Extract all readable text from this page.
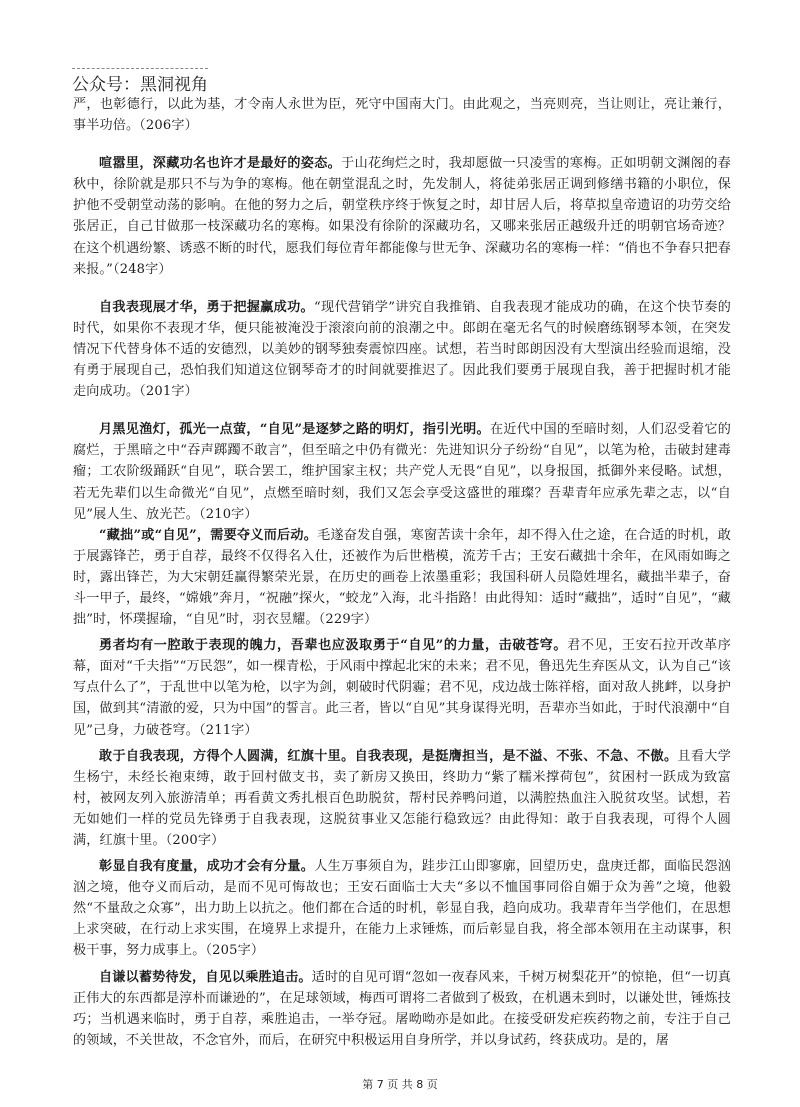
公众号：黑洞视角

严，也彰德行，以此为基，才令南人永世为臣，死守中国南大门。由此观之，当亮则亮，当让则让，亮让兼行，事半功倍。（206字）

喧嚣里，深藏功名也许才是最好的姿态。于山花绚烂之时，我却愿做一只凌雪的寒梅。正如明朝文渊阁的春秋中，徐阶就是那只不与为争的寒梅。他在朝堂混乱之时，先发制人，将徒弟张居正调到修缮书籍的小职位，保护他不受朝堂动荡的影响。在他的努力之后，朝堂秩序终于恢复之时，却甘居人后，将草拟皇帝遗诏的功劳交给张居正，自己甘做那一枝深藏功名的寒梅。如果没有徐阶的深藏功名，又哪来张居正越级升迁的明朝官场奇迹？在这个机遇纷繁、诱惑不断的时代，愿我们每位青年都能像与世无争、深藏功名的寒梅一样：“俏也不争春只把春来报。”（248字）

自我表现展才华，勇于把握赢成功。“现代营销学”讲究自我推销、自我表现才能成功的确，在这个快节奏的时代，如果你不表现才华，便只能被淹没于滚滚向前的浪潮之中。郎朗在毫无名气的时候磨练钢琴本领，在突发情况下代替身体不适的安德烈，以美妙的钢琴独奏震惊四座。试想，若当时郎朗因没有大型演出经验而退缩，没有勇于展现自己，恐怕我们知道这位钢琴奇才的时间就要推迟了。因此我们要勇于展现自我，善于把握时机才能走向成功。（201字）

月黑见渔灯，孤光一点萤，“自见”是逐梦之路的明灯，指引光明。在近代中国的至暗时刻，人们忍受着它的腐烂，于黑暗之中“吞声踯躅不敢言”，但至暗之中仍有微光：先进知识分子纷纷“自见”，以笔为枪，击破封建毒瘤；工农阶级踊跃“自见”，联合罢工，维护国家主权；共产党人无畏“自见”，以身报国，抵御外来侵略。试想，若无先辈们以生命微光“自见”，点燃至暗时刻，我们又怎会享受这盛世的璀璨？吾辈青年应承先辈之志，以“自见”展人生、放光芒。（210字）

“藏拙”或“自见”，需要夺义而后动。毛遂奋发自强，寒窗苦读十余年，却不得入仕之途，在合适的时机，敢于展露锋芒，勇于自荐，最终不仅得名入仕，还被作为后世楷模，流芳千古；王安石藏拙十余年，在风雨如晦之时，露出锋芒，为大宋朝廷赢得繁荣光景，在历史的画卷上浓墨重彩；我国科研人员隐姓埋名，藏拙半辈子，奋斗一甲子，最终，“嫦娥”奔月，“祝融”探火，“蛟龙”入海，北斗指路！由此得知：适时“藏拙”，适时“自见”，“藏拙”时，怀璞握瑜，“自见”时，羽衣昱耀。（229字）

勇者均有一腔敢于表现的魄力，吾辈也应汲取勇于“自见”的力量，击破苍穹。君不见，王安石拉开改革序幕，面对“千夫指”“万民怨”，如一棵青松，于风雨中撑起北宋的未来；君不见，鲁迅先生弃医从文，认为自己“该写点什么了”，于乱世中以笔为枪，以字为剑，刺破时代阴霾；君不见，戍边战士陈祥榕，面对敌人挑衅，以身护国，做到其“清澈的爱，只为中国”的誓言。此三者，皆以“自见”其身谋得光明，吾辈亦当如此，于时代浪潮中“自见”己身，力破苍穹。（211字）

敢于自我表现，方得个人圆满，红旗十里。自我表现，是挺膺担当，是不溢、不张、不急、不傲。且看大学生杨宁，未经长袍束缚，敢于回村做支书，卖了新房又换田，终助力“紫了糯米撑荷包”，贫困村一跃成为致富村，被网友列入旅游清单；再看黄文秀扎根百色助脱贫，帮村民养鸭问道，以满腔热血注入脱贫攻坚。试想，若无如她们一样的党员先锋勇于自我表现，这脱贫事业又怎能行稳致远？由此得知：敢于自我表现，可得个人圆满，红旗十里。（200字）

彰显自我有度量，成功才会有分量。人生万事须自为，跬步江山即寥廓，回望历史，盘庚迁都，面临民怨汹汹之境，他夺义而后动，是而不见可悔故也；王安石面临士大夫“多以不恤国事同俗自媚于众为善”之境，他毅然“不量敌之众寡”，出力助上以抗之。他们都在合适的时机，彰显自我，趋向成功。我辈青年当学他们，在思想上求突破，在行动上求实围，在境界上求提升，在能力上求锤炼，而后彰显自我，将全部本领用在主动谋事，积极干事，努力成事上。（205字）

自谦以蓄势待发，自见以乘胜追击。适时的自见可谓“忽如一夜春风来，千树万树梨花开”的惊艳，但“一切真正伟大的东西都是淳朴而谦逊的”，在足球领域，梅西可谓将二者做到了极致，在机遇未到时，以谦处世，锤炼技巧；当机遇来临时，勇于自荐，乘胜追击，一举夺冠。屠呦呦亦是如此。在接受研发疟疾药物之前，专注于自己的领域，不关世故，不念官外，而后，在研究中积极运用自身所学，并以身试药，终获成功。是的，屠

第 7 页 共 8 页
